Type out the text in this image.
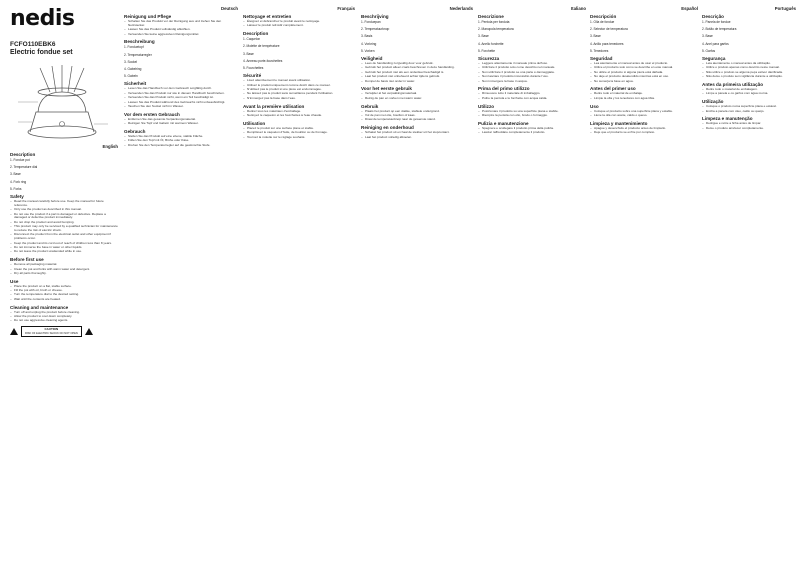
nedis
FCFO110EBK6
Electric fondue set
English
Description
1. Fondue pot
2. Temperature dial
3. Base
4. Fork ring
5. Forks
Safety
– Read the manual carefully before use. Keep the manual for future reference.
– Only use the product as described in this manual.
– Do not use the product if a part is damaged or defective. Replace a damaged or defective product immediately.
– Do not drop the product and avoid bumping.
– This product may only be serviced by a qualified technician for maintenance to reduce the risk of electric shock.
– Disconnect the product from the electrical outlet and other equipment if problems occur.
– Keep the product and its cord out of reach of children less than 8 years.
– Do not immerse the base in water or other liquids.
– Do not leave the product unattended while in use.
Before first use
– Remove all packaging material.
– Clean the pot and forks with warm water and detergent.
– Dry all parts thoroughly.
Use
– Place the product on a flat, stable surface.
– Fill the pot with oil, broth or cheese.
– Turn the temperature dial to the desired setting.
– Wait until the contents are heated.
Cleaning and maintenance
– Turn off and unplug the product before cleaning.
– Allow the product to cool down completely.
– Do not use aggressive cleaning agents.
CAUTION
RISK OF ELECTRIC SHOCK DO NOT OPEN
Deutsch
Reinigung und Pflege
– Schalten Sie das Produkt vor der Reinigung aus und ziehen Sie den Netzstecker.
– Lassen Sie das Produkt vollständig abkühlen.
– Verwenden Sie keine aggressiven Reinigungsmittel.
Beschreibung
1. Fonduetopf
2. Temperaturregler
3. Sockel
4. Gabelring
5. Gabeln
Sicherheit
– Lesen Sie das Handbuch vor dem Gebrauch sorgfältig durch.
– Verwenden Sie das Produkt nur wie in diesem Handbuch beschrieben.
– Verwenden Sie das Produkt nicht, wenn ein Teil beschädigt ist.
– Lassen Sie das Produkt während des Gebrauchs nicht unbeaufsichtigt.
– Tauchen Sie den Sockel nicht in Wasser.
Vor dem ersten Gebrauch
– Entfernen Sie das gesamte Verpackungsmaterial.
– Reinigen Sie Topf und Gabeln mit warmem Wasser.
Gebrauch
– Stellen Sie das Produkt auf eine ebene, stabile Fläche.
– Füllen Sie den Topf mit Öl, Brühe oder Käse.
– Drehen Sie den Temperaturregler auf die gewünschte Stufe.
Français
Nettoyage et entretien
– Éteignez et débranchez le produit avant le nettoyage.
– Laissez le produit refroidir complètement.
Description
1. Caquelon
2. Molette de température
3. Base
4. Anneau porte-fourchettes
5. Fourchettes
Sécurité
– Lisez attentivement le manuel avant utilisation.
– Utilisez le produit uniquement comme décrit dans ce manuel.
– N'utilisez pas le produit si une pièce est endommagée.
– Ne laissez pas le produit sans surveillance pendant l'utilisation.
– N'immergez pas la base dans l'eau.
Avant la première utilisation
– Retirez tous les matériaux d'emballage.
– Nettoyez le caquelon et les fourchettes à l'eau chaude.
Utilisation
– Placez le produit sur une surface plane et stable.
– Remplissez le caquelon d'huile, de bouillon ou de fromage.
– Tournez la molette sur le réglage souhaité.
Nederlands
Beschrijving
1. Fonduepan
2. Temperatuurknop
3. Basis
4. Vorkring
5. Vorken
Veiligheid
– Lees de handleiding zorgvuldig door voor gebruik.
– Gebruik het product alleen zoals beschreven in deze handleiding.
– Gebruik het product niet als een onderdeel beschadigd is.
– Laat het product niet onbeheerd achter tijdens gebruik.
– Dompel de basis niet onder in water.
Voor het eerste gebruik
– Verwijder al het verpakkingsmateriaal.
– Reinig de pan en vorken met warm water.
Gebruik
– Plaats het product op een vlakke, stabiele ondergrond.
– Vul de pan met olie, bouillon of kaas.
– Draai de temperatuurknop naar de gewenste stand.
Reiniging en onderhoud
– Schakel het product uit en haal de stekker uit het stopcontact.
– Laat het product volledig afkoelen.
Italiano
Descrizione
1. Pentola per fonduta
2. Manopola temperatura
3. Base
4. Anello forchette
5. Forchette
Sicurezza
– Leggere attentamente il manuale prima dell'uso.
– Utilizzare il prodotto solo come descritto nel manuale.
– Non utilizzare il prodotto se una parte è danneggiata.
– Non lasciare il prodotto incustodito durante l'uso.
– Non immergere la base in acqua.
Prima del primo utilizzo
– Rimuovere tutto il materiale di imballaggio.
– Pulire la pentola e le forchette con acqua calda.
Utilizzo
– Posizionare il prodotto su una superficie piana e stabile.
– Riempire la pentola con olio, brodo o formaggio.
Pulizia e manutenzione
– Spegnere e scollegare il prodotto prima della pulizia.
– Lasciar raffreddare completamente il prodotto.
Español
Descripción
1. Olla de fondue
2. Selector de temperatura
3. Base
4. Anillo para tenedores
5. Tenedores
Seguridad
– Lea atentamente el manual antes de usar el producto.
– Utilice el producto solo como se describe en este manual.
– No utilice el producto si alguna pieza está dañada.
– No deje el producto desatendido mientras está en uso.
– No sumerja la base en agua.
Antes del primer uso
– Retire todo el material de embalaje.
– Limpie la olla y los tenedores con agua tibia.
Uso
– Coloque el producto sobre una superficie plana y estable.
– Llene la olla con aceite, caldo o queso.
Limpieza y mantenimiento
– Apague y desenchufe el producto antes de limpiarlo.
– Deje que el producto se enfríe por completo.
Português
Descrição
1. Panela de fondue
2. Botão de temperatura
3. Base
4. Anel para garfos
5. Garfos
Segurança
– Leia atentamente o manual antes da utilização.
– Utilize o produto apenas como descrito neste manual.
– Não utilize o produto se alguma peça estiver danificada.
– Não deixe o produto sem vigilância durante a utilização.
Antes da primeira utilização
– Retire todo o material de embalagem.
– Limpe a panela e os garfos com água morna.
Utilização
– Coloque o produto numa superfície plana e estável.
– Encha a panela com óleo, caldo ou queijo.
Limpeza e manutenção
– Desligue e retire a ficha antes de limpar.
– Deixe o produto arrefecer completamente.
